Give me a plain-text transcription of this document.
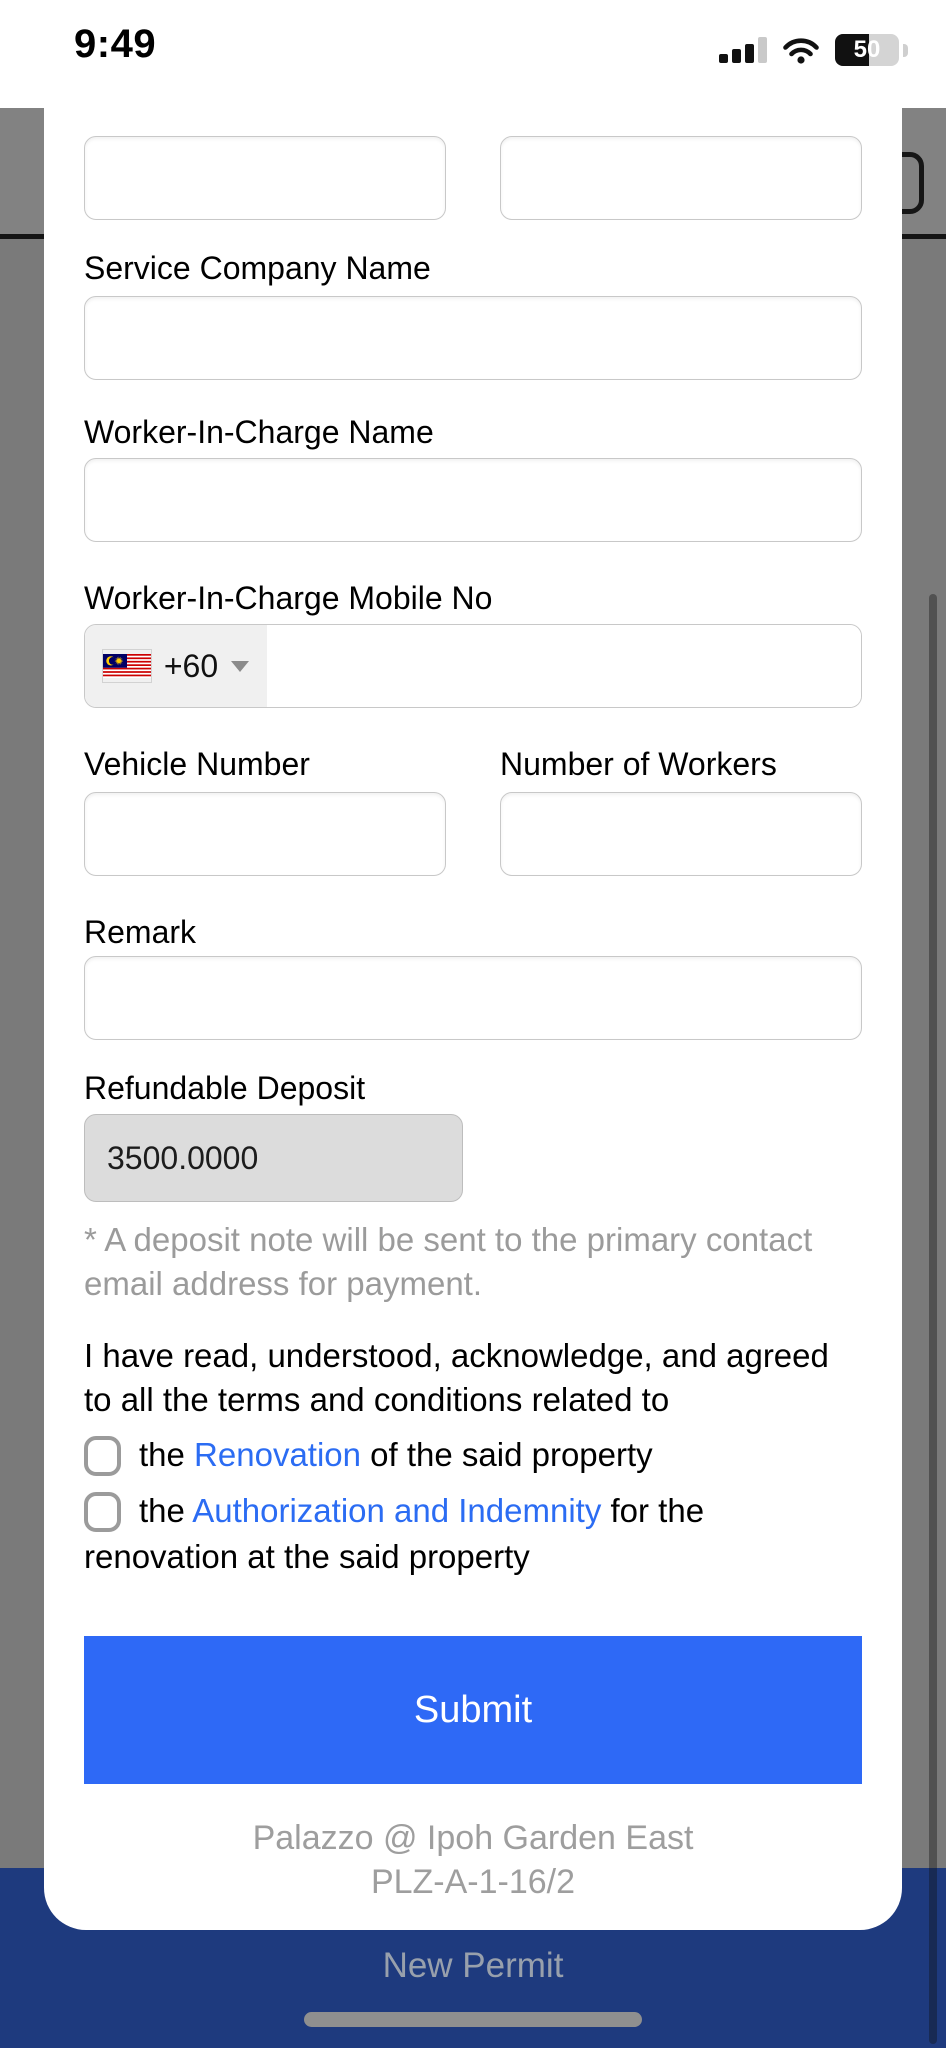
New Permit
9:49	50
Service Company Name
Worker-In-Charge Name
Worker-In-Charge Mobile No
+60
Vehicle Number	Number of Workers
Remark
Refundable Deposit
3500.0000
* A deposit note will be sent to the primary contact email address for payment.
I have read, understood, acknowledge, and agreed to all the terms and conditions related to
the Renovation of the said property
the Authorization and Indemnity for the renovation at the said property
Submit
Palazzo @ Ipoh Garden East
PLZ-A-1-16/2
